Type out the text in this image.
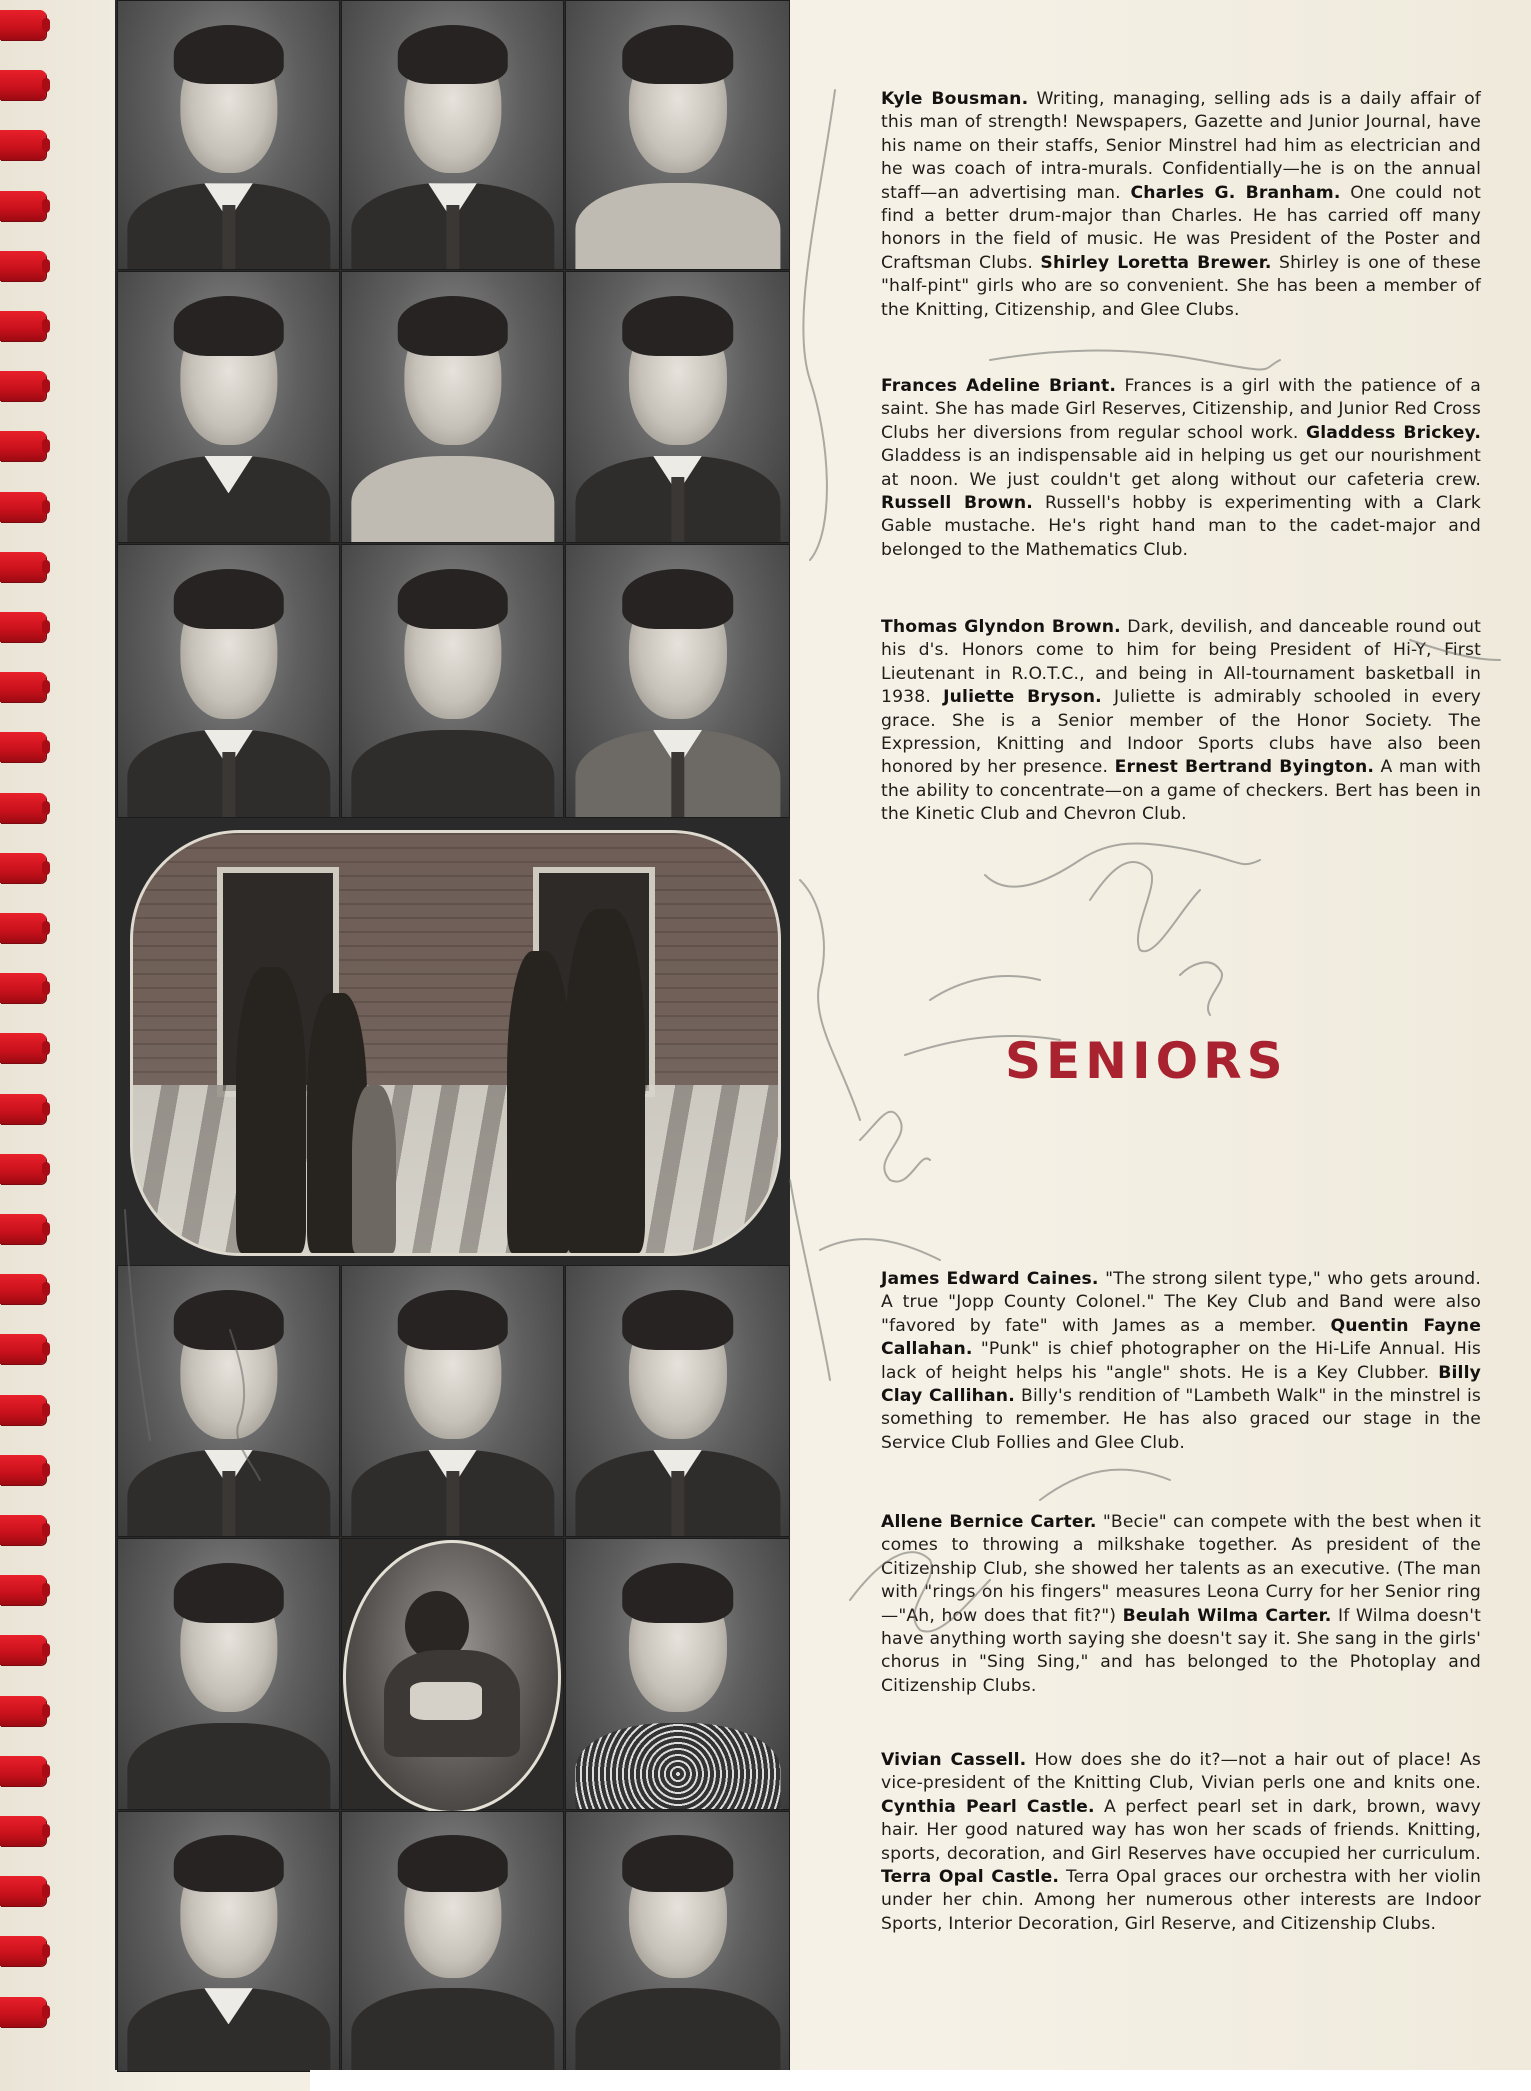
Kyle Bousman. Writing, managing, selling ads is a daily affair of this man of strength! Newspapers, Gazette and Junior Journal, have his name on their staffs, Senior Minstrel had him as electrician and he was coach of intra-murals. Confidentially—he is on the annual staff—an advertising man. Charles G. Branham. One could not find a better drum-major than Charles. He has carried off many honors in the field of music. He was President of the Poster and Craftsman Clubs. Shirley Loretta Brewer. Shirley is one of these "half-pint" girls who are so convenient. She has been a member of the Knitting, Citizenship, and Glee Clubs.
Frances Adeline Briant. Frances is a girl with the patience of a saint. She has made Girl Reserves, Citizenship, and Junior Red Cross Clubs her diversions from regular school work. Gladdess Brickey. Gladdess is an indispensable aid in helping us get our nourishment at noon. We just couldn't get along without our cafeteria crew. Russell Brown. Russell's hobby is experimenting with a Clark Gable mustache. He's right hand man to the cadet-major and belonged to the Mathematics Club.
Thomas Glyndon Brown. Dark, devilish, and danceable round out his d's. Honors come to him for being President of Hi-Y, First Lieutenant in R.O.T.C., and being in All-tournament basketball in 1938. Juliette Bryson. Juliette is admirably schooled in every grace. She is a Senior member of the Honor Society. The Expression, Knitting and Indoor Sports clubs have also been honored by her presence. Ernest Bertrand Byington. A man with the ability to concentrate—on a game of checkers. Bert has been in the Kinetic Club and Chevron Club.
SENIORS
James Edward Caines. "The strong silent type," who gets around. A true "Jopp County Colonel." The Key Club and Band were also "favored by fate" with James as a member. Quentin Fayne Callahan. "Punk" is chief photographer on the Hi-Life Annual. His lack of height helps his "angle" shots. He is a Key Clubber. Billy Clay Callihan. Billy's rendition of "Lambeth Walk" in the minstrel is something to remember. He has also graced our stage in the Service Club Follies and Glee Club.
Allene Bernice Carter. "Becie" can compete with the best when it comes to throwing a milkshake together. As president of the Citizenship Club, she showed her talents as an executive. (The man with "rings on his fingers" measures Leona Curry for her Senior ring—"Ah, how does that fit?") Beulah Wilma Carter. If Wilma doesn't have anything worth saying she doesn't say it. She sang in the girls' chorus in "Sing Sing," and has belonged to the Photoplay and Citizenship Clubs.
Vivian Cassell. How does she do it?—not a hair out of place! As vice-president of the Knitting Club, Vivian perls one and knits one. Cynthia Pearl Castle. A perfect pearl set in dark, brown, wavy hair. Her good natured way has won her scads of friends. Knitting, sports, decoration, and Girl Reserves have occupied her curriculum. Terra Opal Castle. Terra Opal graces our orchestra with her violin under her chin. Among her numerous other interests are Indoor Sports, Interior Decoration, Girl Reserve, and Citizenship Clubs.
